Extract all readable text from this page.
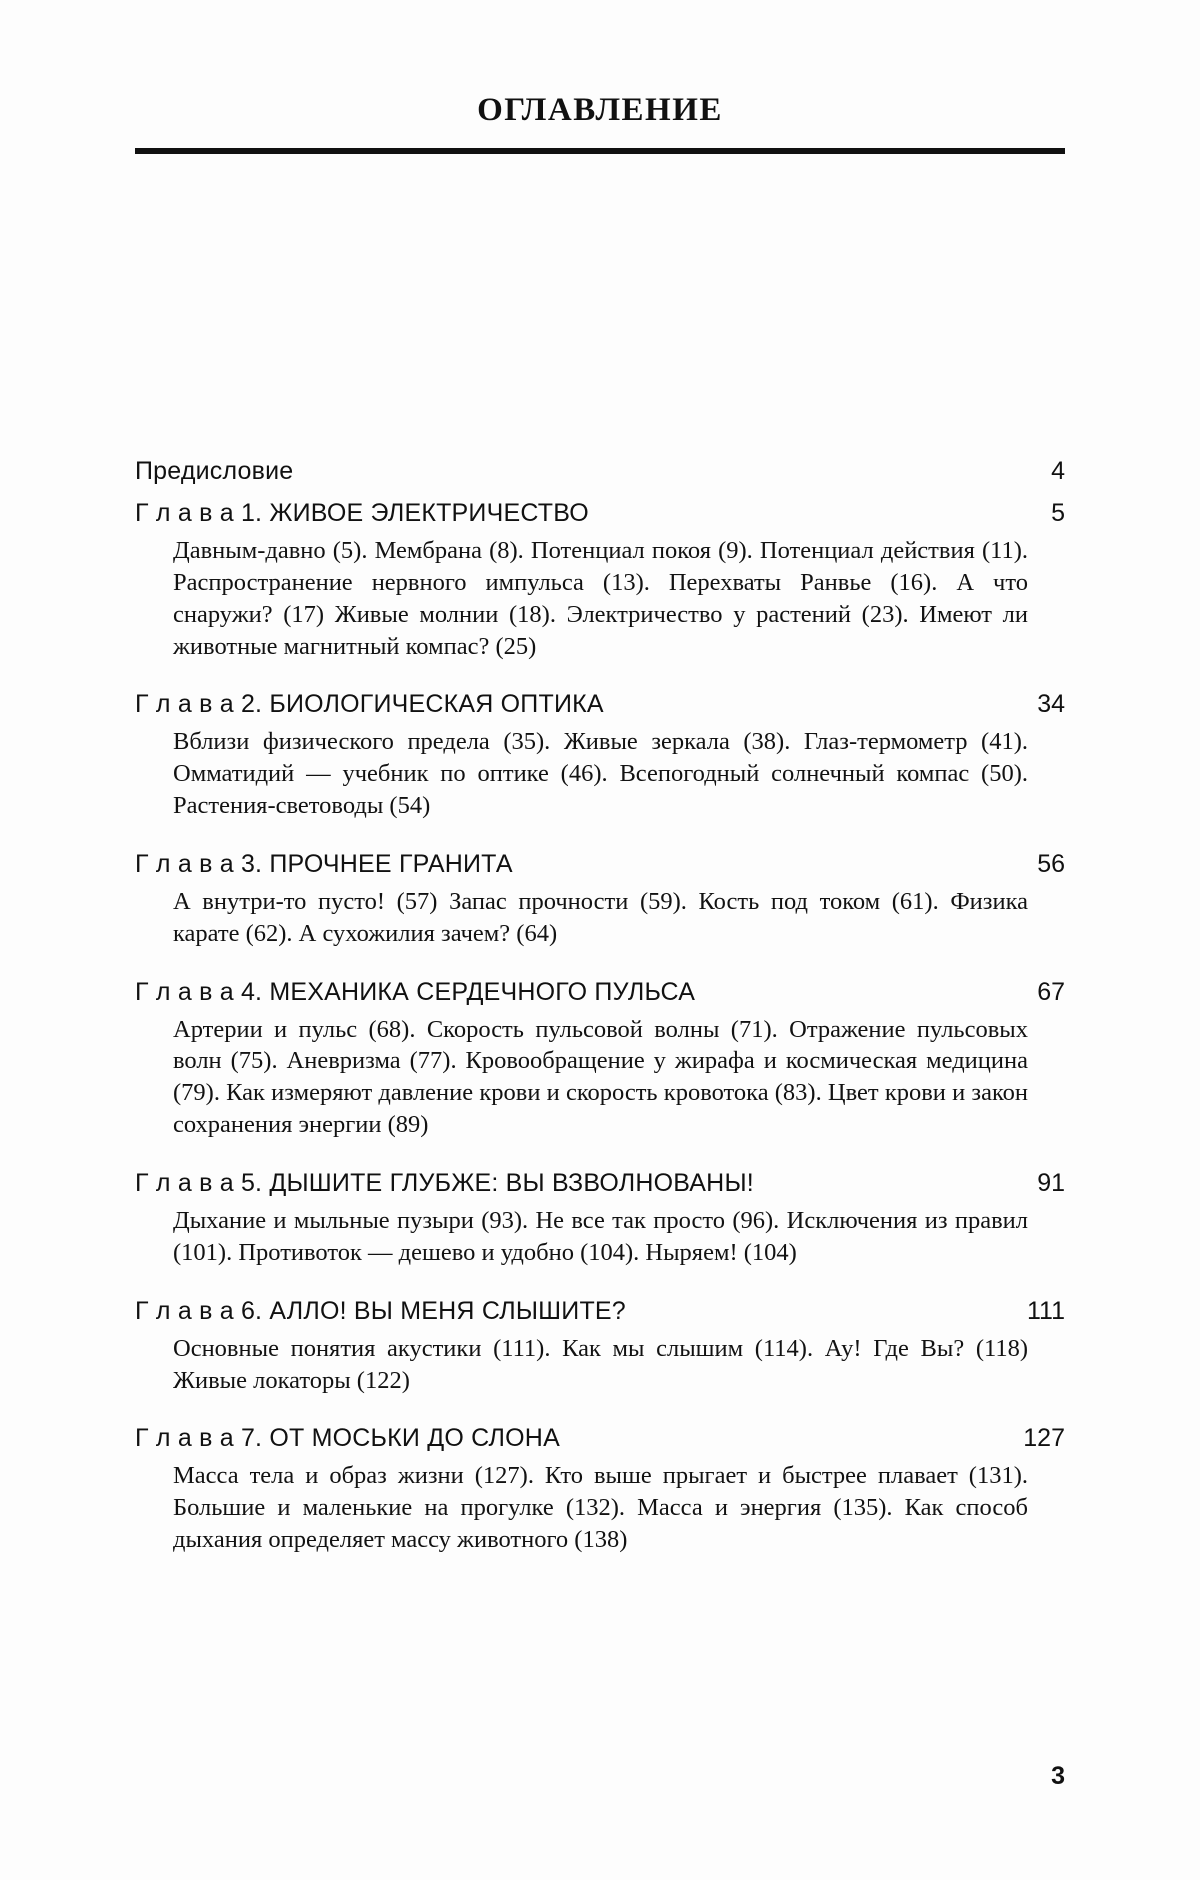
ОГЛАВЛЕНИЕ
Предисловие	4
Г л а в а 1. ЖИВОЕ ЭЛЕКТРИЧЕСТВО	5
Давным-давно (5). Мембрана (8). Потенциал покоя (9). Потенциал действия (11). Распространение нервного импульса (13). Перехваты Ранвье (16). А что снаружи? (17) Живые молнии (18). Электричество у растений (23). Имеют ли животные магнитный компас? (25)
Г л а в а 2. БИОЛОГИЧЕСКАЯ ОПТИКА	34
Вблизи физического предела (35). Живые зеркала (38). Глаз-термометр (41). Омматидий — учебник по оптике (46). Всепогодный солнечный компас (50). Растения-световоды (54)
Г л а в а 3. ПРОЧНЕЕ ГРАНИТА	56
А внутри-то пусто! (57) Запас прочности (59). Кость под током (61). Физика карате (62). А сухожилия зачем? (64)
Г л а в а 4. МЕХАНИКА СЕРДЕЧНОГО ПУЛЬСА	67
Артерии и пульс (68). Скорость пульсовой волны (71). Отражение пульсовых волн (75). Аневризма (77). Кровообращение у жирафа и космическая медицина (79). Как измеряют давление крови и скорость кровотока (83). Цвет крови и закон сохранения энергии (89)
Г л а в а 5. ДЫШИТЕ ГЛУБЖЕ: ВЫ ВЗВОЛНОВАНЫ!	91
Дыхание и мыльные пузыри (93). Не все так просто (96). Исключения из правил (101). Противоток — дешево и удобно (104). Ныряем! (104)
Г л а в а 6. АЛЛО! ВЫ МЕНЯ СЛЫШИТЕ?	111
Основные понятия акустики (111). Как мы слышим (114). Ау! Где Вы? (118) Живые локаторы (122)
Г л а в а 7. ОТ МОСЬКИ ДО СЛОНА	127
Масса тела и образ жизни (127). Кто выше прыгает и быстрее плавает (131). Большие и маленькие на прогулке (132). Масса и энергия (135). Как способ дыхания определяет массу животного (138)
3
